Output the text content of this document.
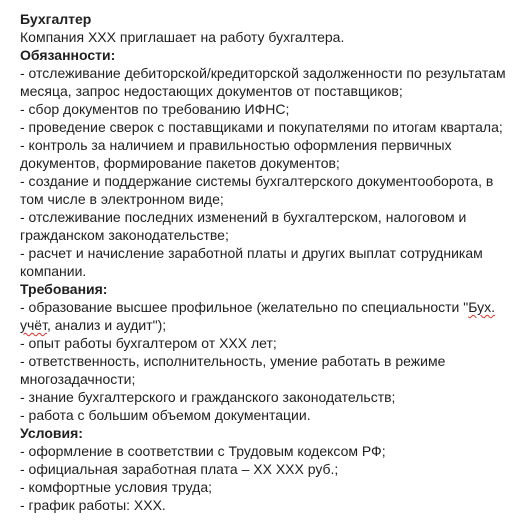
Бухгалтер
Компания XXX приглашает на работу бухгалтера.
Обязанности:
- отслеживание дебиторской/кредиторской задолженности по результатам месяца, запрос недостающих документов от поставщиков;
- сбор документов по требованию ИФНС;
- проведение сверок с поставщиками и покупателями по итогам квартала;
- контроль за наличием и правильностью оформления первичных документов, формирование пакетов документов;
- создание и поддержание системы бухгалтерского документооборота, в том числе в электронном виде;
- отслеживание последних изменений в бухгалтерском, налоговом и гражданском законодательстве;
- расчет и начисление заработной платы и других выплат сотрудникам компании.
Требования:
- образование высшее профильное (желательно по специальности "Бух. учёт, анализ и аудит");
- опыт работы бухгалтером от XXX лет;
- ответственность, исполнительность, умение работать в режиме многозадачности;
- знание бухгалтерского и гражданского законодательств;
- работа с большим объемом документации.
Условия:
- оформление в соответствии с Трудовым кодексом РФ;
- официальная заработная плата – XX XXX руб.;
- комфортные условия труда;
- график работы: XXX.
